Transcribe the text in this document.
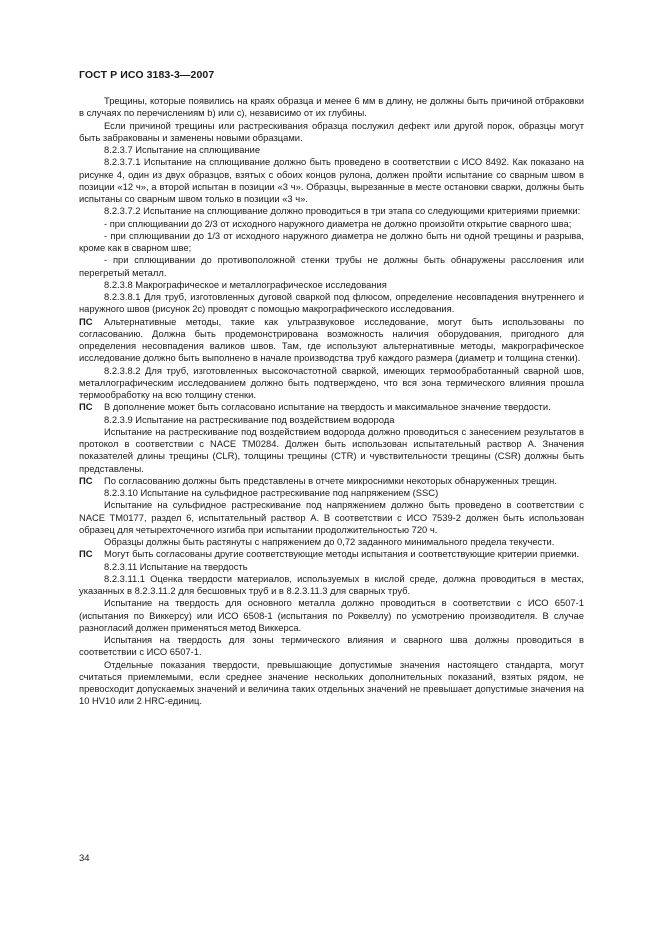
ГОСТ Р ИСО 3183-3—2007

Трещины, которые появились на краях образца и менее 6 мм в длину, не должны быть причиной отбраковки в случаях по перечислениям b) или c), независимо от их глубины.

Если причиной трещины или растрескивания образца послужил дефект или другой порок, образцы могут быть забракованы и заменены новыми образцами.

8.2.3.7 Испытание на сплющивание

8.2.3.7.1 Испытание на сплющивание должно быть проведено в соответствии с ИСО 8492. Как показано на рисунке 4, один из двух образцов, взятых с обоих концов рулона, должен пройти испытание со сварным швом в позиции «12 ч», а второй испытан в позиции «3 ч». Образцы, вырезанные в месте остановки сварки, должны быть испытаны со сварным швом только в позиции «3 ч».

8.2.3.7.2 Испытание на сплющивание должно проводиться в три этапа со следующими критериями приемки:

- при сплющивании до 2/3 от исходного наружного диаметра не должно произойти открытие сварного шва;

- при сплющивании до 1/3 от исходного наружного диаметра не должно быть ни одной трещины и разрыва, кроме как в сварном шве;

- при сплющивании до противоположной стенки трубы не должны быть обнаружены расслоения или перегретый металл.

8.2.3.8 Макрографическое и металлографическое исследования

8.2.3.8.1 Для труб, изготовленных дуговой сваркой под флюсом, определение несовпадения внутреннего и наружного швов (рисунок 2c) проводят с помощью макрографического исследования.

ПС Альтернативные методы, такие как ультразвуковое исследование, могут быть использованы по согласованию. Должна быть продемонстрирована возможность наличия оборудования, пригодного для определения несовпадения валиков швов. Там, где используют альтернативные методы, макрографическое исследование должно быть выполнено в начале производства труб каждого размера (диаметр и толщина стенки).

8.2.3.8.2 Для труб, изготовленных высокочастотной сваркой, имеющих термообработанный сварной шов, металлографическим исследованием должно быть подтверждено, что вся зона термического влияния прошла термообработку на всю толщину стенки.

ПС В дополнение может быть согласовано испытание на твердость и максимальное значение твердости.

8.2.3.9 Испытание на растрескивание под воздействием водорода

Испытание на растрескивание под воздействием водорода должно проводиться с занесением результатов в протокол в соответствии с NACE TM0284. Должен быть использован испытательный раствор A. Значения показателей длины трещины (CLR), толщины трещины (CTR) и чувствительности трещины (CSR) должны быть представлены.

ПС По согласованию должны быть представлены в отчете микроснимки некоторых обнаруженных трещин.

8.2.3.10 Испытание на сульфидное растрескивание под напряжением (SSC)

Испытание на сульфидное растрескивание под напряжением должно быть проведено в соответствии с NACE TM0177, раздел 6, испытательный раствор A. В соответствии с ИСО 7539-2 должен быть использован образец для четырехточечного изгиба при испытании продолжительностью 720 ч.

Образцы должны быть растянуты с напряжением до 0,72 заданного минимального предела текучести.

ПС Могут быть согласованы другие соответствующие методы испытания и соответствующие критерии приемки.

8.2.3.11 Испытание на твердость

8.2.3.11.1 Оценка твердости материалов, используемых в кислой среде, должна проводиться в местах, указанных в 8.2.3.11.2 для бесшовных труб и в 8.2.3.11.3 для сварных труб.

Испытание на твердость для основного металла должно проводиться в соответствии с ИСО 6507-1 (испытания по Виккерсу) или ИСО 6508-1 (испытания по Роквеллу) по усмотрению производителя. В случае разногласий должен применяться метод Виккерса.

Испытания на твердость для зоны термического влияния и сварного шва должны проводиться в соответствии с ИСО 6507-1.

Отдельные показания твердости, превышающие допустимые значения настоящего стандарта, могут считаться приемлемыми, если среднее значение нескольких дополнительных показаний, взятых рядом, не превосходит допускаемых значений и величина таких отдельных значений не превышает допустимые значения на 10 HV10 или 2 HRC-единиц.

34
